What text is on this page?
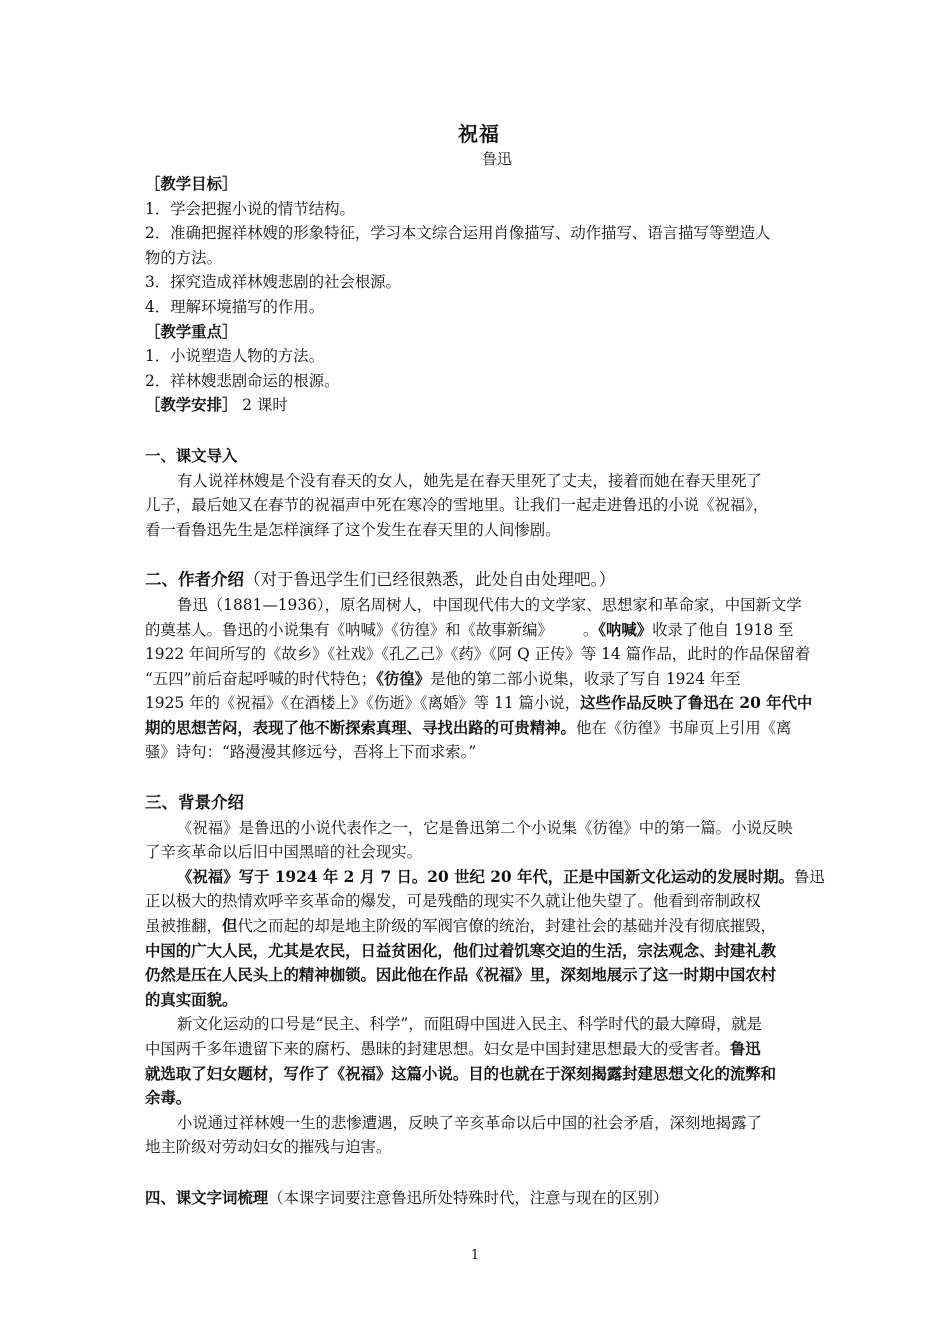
祝福
鲁迅

［教学目标］

1．学会把握小说的情节结构。

2．准确把握祥林嫂的形象特征，学习本文综合运用肖像描写、动作描写、语言描写等塑造人

物的方法。

3．探究造成祥林嫂悲剧的社会根源。

4．理解环境描写的作用。

［教学重点］

1．小说塑造人物的方法。

2．祥林嫂悲剧命运的根源。

［教学安排］ 2 课时

一、课文导入

有人说祥林嫂是个没有春天的女人，她先是在春天里死了丈夫，接着而她在春天里死了

儿子，最后她又在春节的祝福声中死在寒冷的雪地里。让我们一起走进鲁迅的小说《祝福》，

看一看鲁迅先生是怎样演绎了这个发生在春天里的人间惨剧。

二、作者介绍（对于鲁迅学生们已经很熟悉，此处自由处理吧。）

鲁迅（1881—1936），原名周树人，中国现代伟大的文学家、思想家和革命家，中国新文学

的奠基人。鲁迅的小说集有《呐喊》《彷徨》和《故事新编》 。《呐喊》收录了他自 1918 至

1922 年间所写的《故乡》《社戏》《孔乙己》《药》《阿 Q 正传》等 14 篇作品，此时的作品保留着

“五四”前后奋起呼喊的时代特色；《彷徨》是他的第二部小说集，收录了写自 1924 年至

1925 年的《祝福》《在酒楼上》《伤逝》《离婚》等 11 篇小说，这些作品反映了鲁迅在 20 年代中

期的思想苦闷，表现了他不断探索真理、寻找出路的可贵精神。他在《彷徨》书扉页上引用《离

骚》诗句：“路漫漫其修远兮，吾将上下而求索。”

三、背景介绍

《祝福》是鲁迅的小说代表作之一，它是鲁迅第二个小说集《彷徨》中的第一篇。小说反映

了辛亥革命以后旧中国黑暗的社会现实。

《祝福》写于 1924 年 2 月 7 日。20 世纪 20 年代，正是中国新文化运动的发展时期。鲁迅

正以极大的热情欢呼辛亥革命的爆发，可是残酷的现实不久就让他失望了。他看到帝制政权

虽被推翻，但代之而起的却是地主阶级的军阀官僚的统治，封建社会的基础并没有彻底摧毁，

中国的广大人民，尤其是农民，日益贫困化，他们过着饥寒交迫的生活，宗法观念、封建礼教

仍然是压在人民头上的精神枷锁。因此他在作品《祝福》里，深刻地展示了这一时期中国农村

的真实面貌。

新文化运动的口号是“民主、科学”，而阻碍中国进入民主、科学时代的最大障碍，就是

中国两千多年遗留下来的腐朽、愚昧的封建思想。妇女是中国封建思想最大的受害者。鲁迅

就选取了妇女题材，写作了《祝福》这篇小说。目的也就在于深刻揭露封建思想文化的流弊和

余毒。

小说通过祥林嫂一生的悲惨遭遇，反映了辛亥革命以后中国的社会矛盾，深刻地揭露了

地主阶级对劳动妇女的摧残与迫害。

四、课文字词梳理（本课字词要注意鲁迅所处特殊时代，注意与现在的区别）

1
